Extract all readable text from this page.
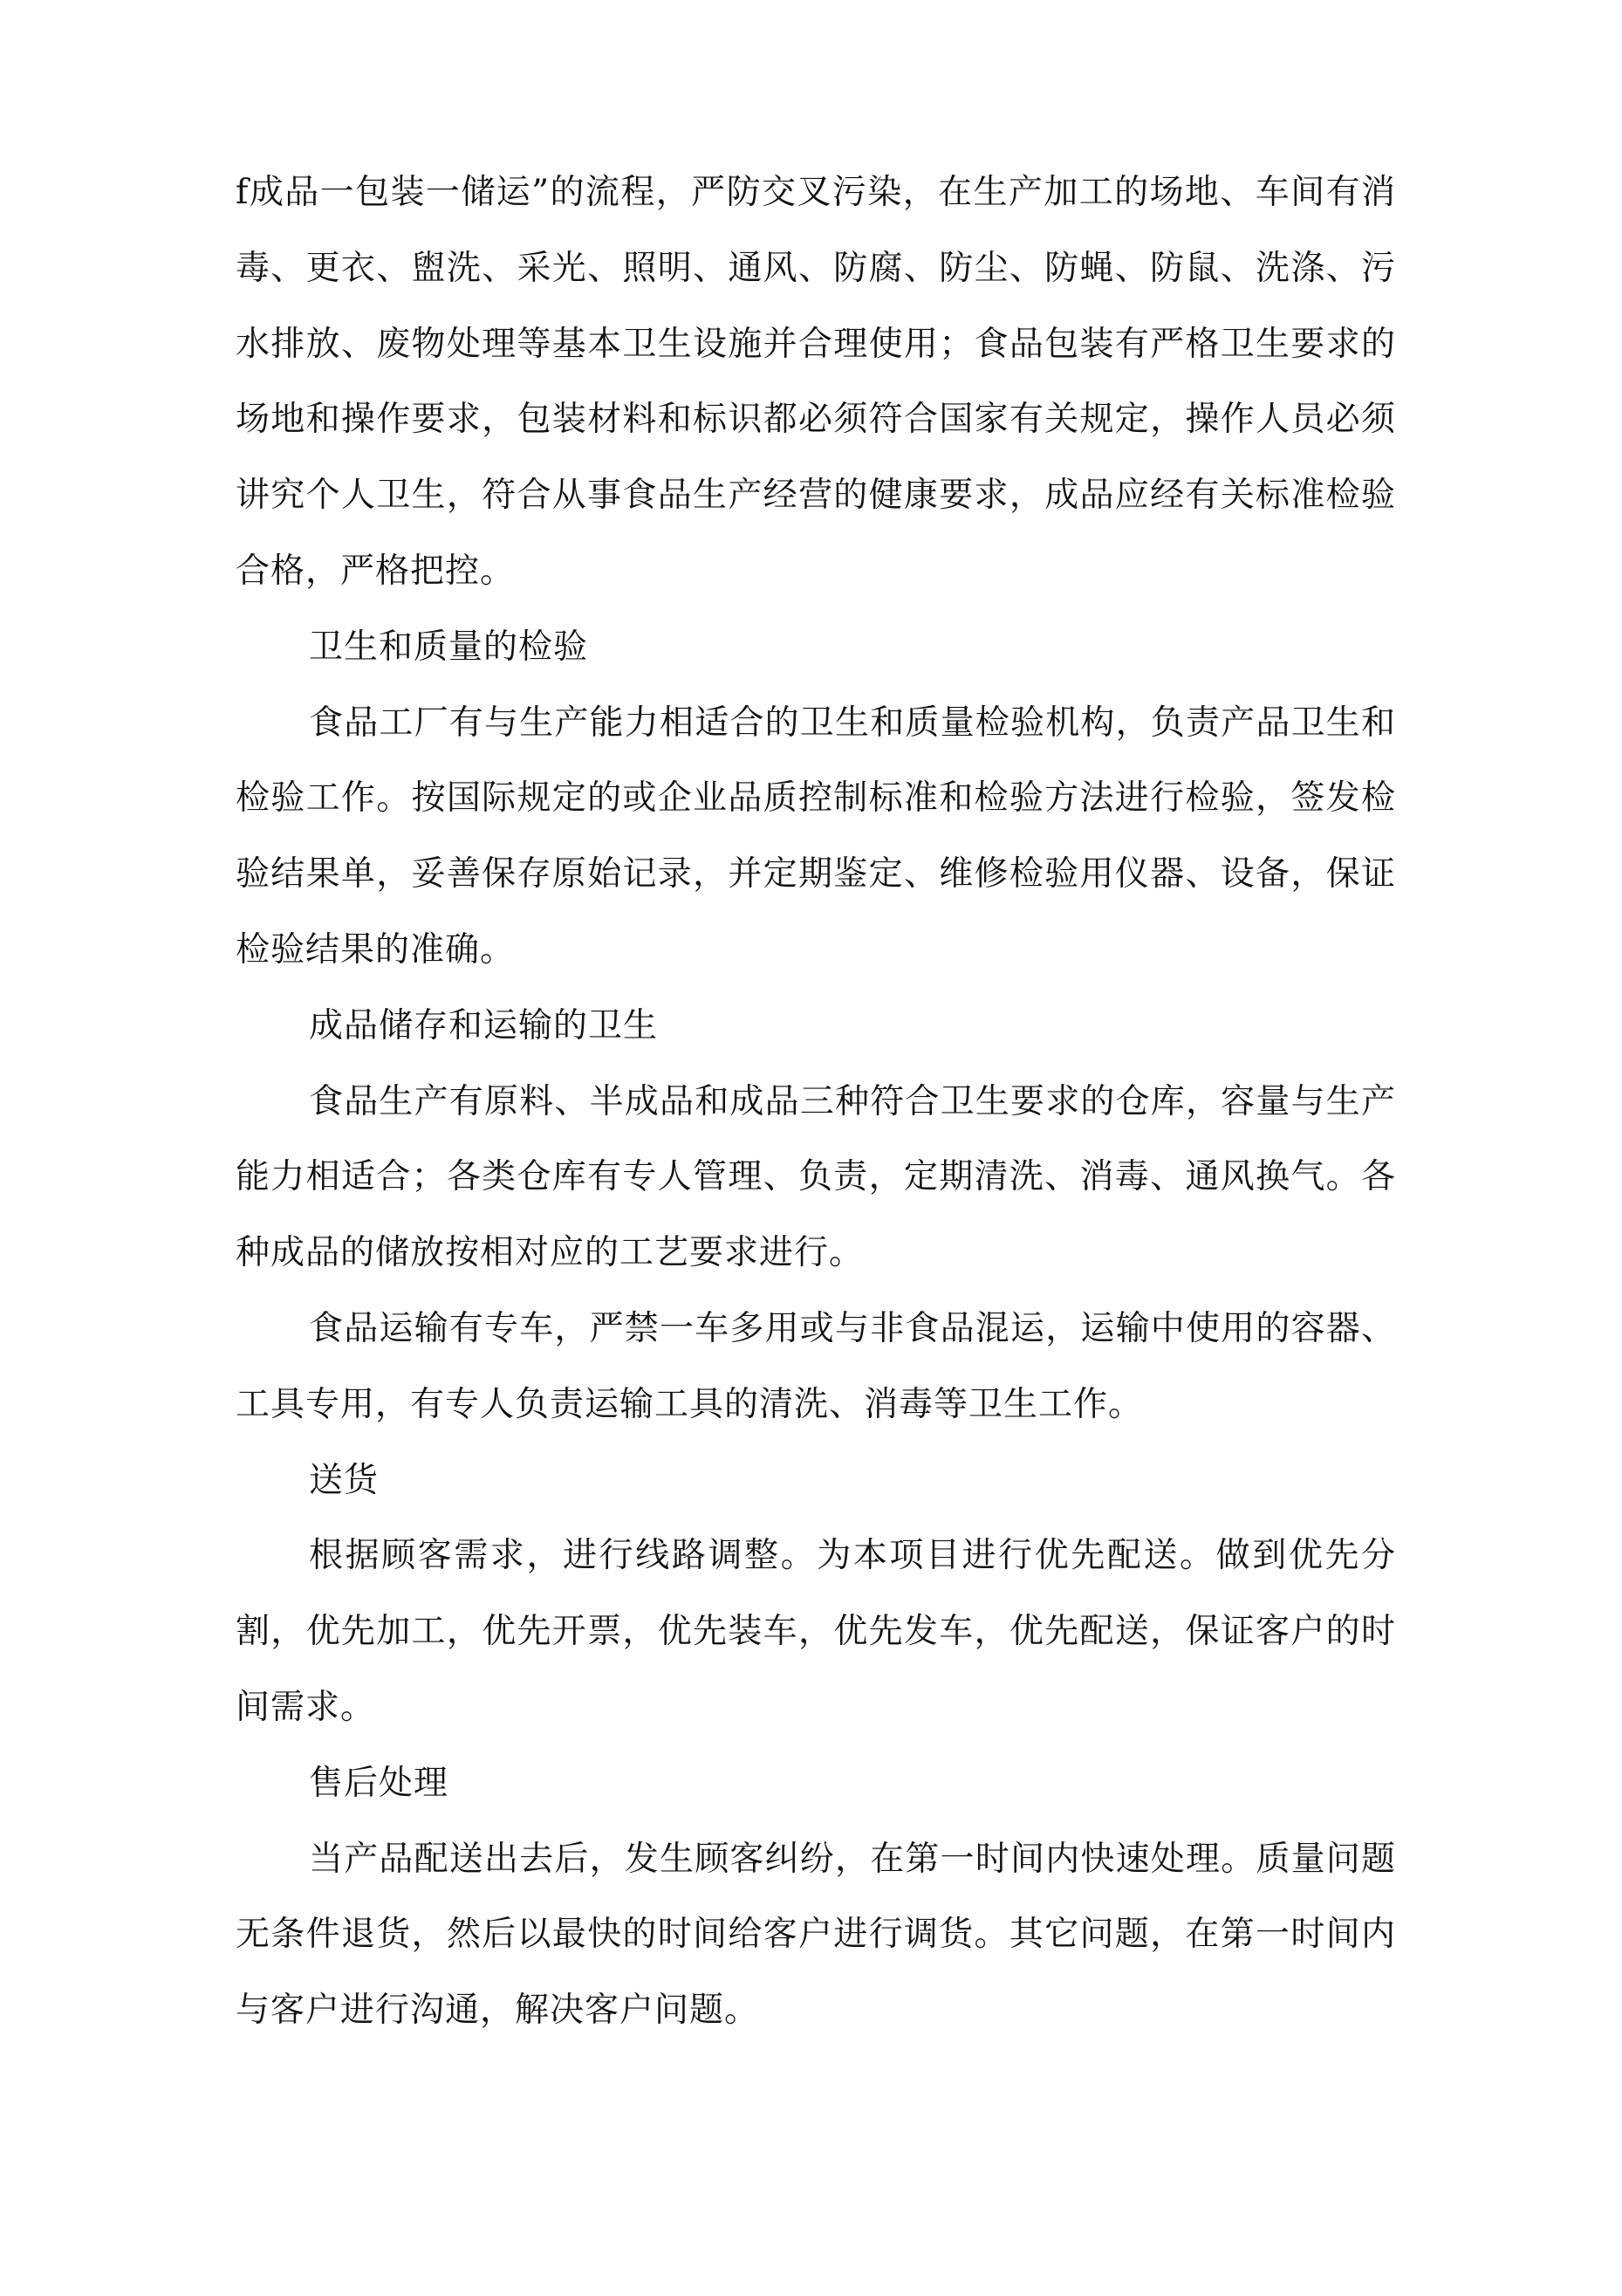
f成品一包装一储运”的流程，严防交叉污染，在生产加工的场地、车间有消毒、更衣、盥洗、采光、照明、通风、防腐、防尘、防蝇、防鼠、洗涤、污水排放、废物处理等基本卫生设施并合理使用；食品包装有严格卫生要求的场地和操作要求，包装材料和标识都必须符合国家有关规定，操作人员必须讲究个人卫生，符合从事食品生产经营的健康要求，成品应经有关标准检验合格，严格把控。

卫生和质量的检验

食品工厂有与生产能力相适合的卫生和质量检验机构，负责产品卫生和检验工作。按国际规定的或企业品质控制标准和检验方法进行检验，签发检验结果单，妥善保存原始记录，并定期鉴定、维修检验用仪器、设备，保证检验结果的准确。

成品储存和运输的卫生

食品生产有原料、半成品和成品三种符合卫生要求的仓库，容量与生产能力相适合；各类仓库有专人管理、负责，定期清洗、消毒、通风换气。各种成品的储放按相对应的工艺要求进行。

食品运输有专车，严禁一车多用或与非食品混运，运输中使用的容器、工具专用，有专人负责运输工具的清洗、消毒等卫生工作。

送货

根据顾客需求，进行线路调整。为本项目进行优先配送。做到优先分割，优先加工，优先开票，优先装车，优先发车，优先配送，保证客户的时间需求。

售后处理

当产品配送出去后，发生顾客纠纷，在第一时间内快速处理。质量问题无条件退货，然后以最快的时间给客户进行调货。其它问题，在第一时间内与客户进行沟通，解决客户问题。
